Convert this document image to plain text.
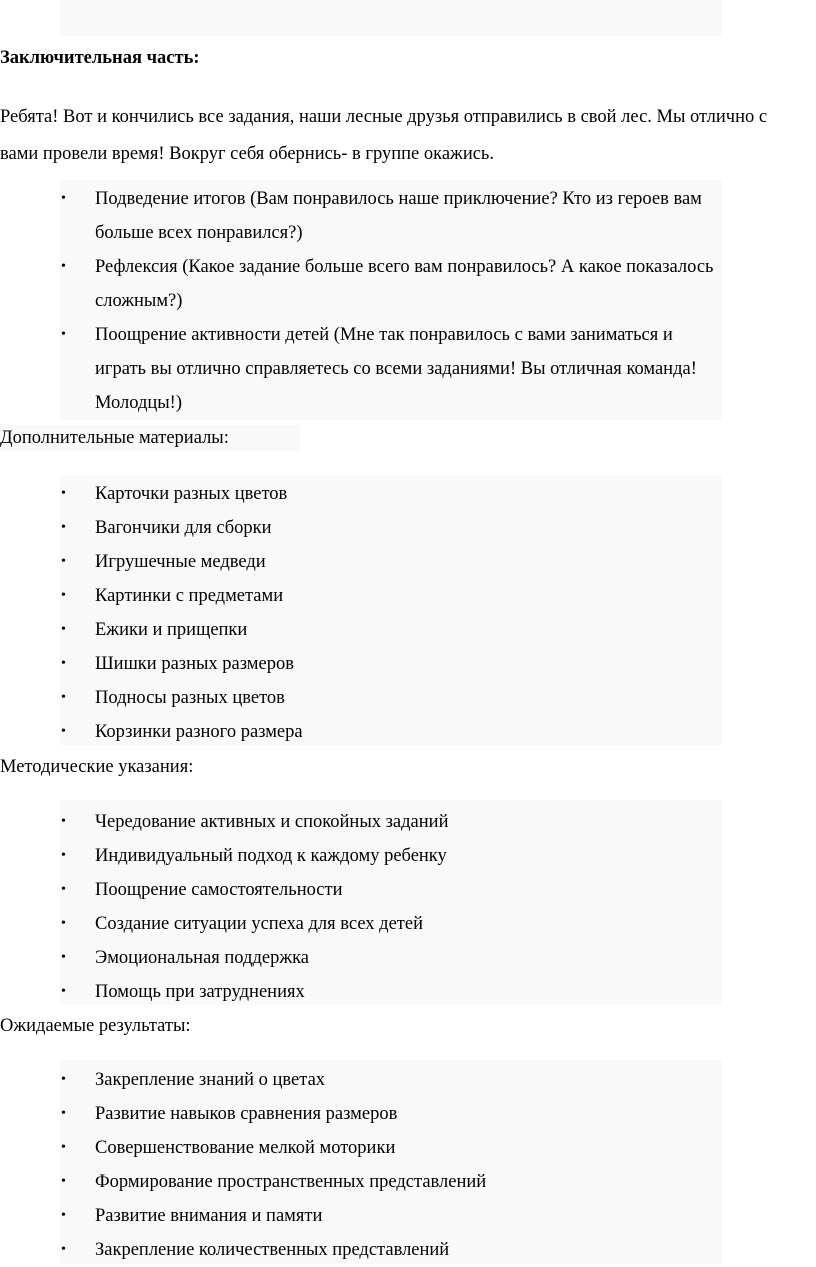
Заключительная часть:

Ребята! Вот и кончились все задания, наши лесные друзья отправились в свой лес. Мы отлично с вами провели время! Вокруг себя обернись- в группе окажись.

• Подведение итогов (Вам понравилось наше приключение? Кто из героев вам больше всех понравился?)
• Рефлексия (Какое задание больше всего вам понравилось? А какое показалось сложным?)
• Поощрение активности детей (Мне так понравилось с вами заниматься и играть вы отлично справляетесь со всеми заданиями! Вы отличная команда! Молодцы!)

Дополнительные материалы:

• Карточки разных цветов
• Вагончики для сборки
• Игрушечные медведи
• Картинки с предметами
• Ежики и прищепки
• Шишки разных размеров
• Подносы разных цветов
• Корзинки разного размера

Методические указания:

• Чередование активных и спокойных заданий
• Индивидуальный подход к каждому ребенку
• Поощрение самостоятельности
• Создание ситуации успеха для всех детей
• Эмоциональная поддержка
• Помощь при затруднениях

Ожидаемые результаты:

• Закрепление знаний о цветах
• Развитие навыков сравнения размеров
• Совершенствование мелкой моторики
• Формирование пространственных представлений
• Развитие внимания и памяти
• Закрепление количественных представлений
